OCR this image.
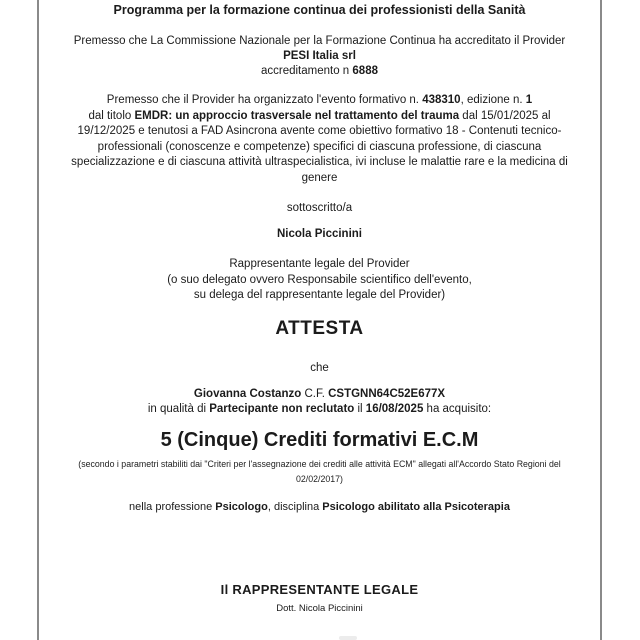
Programma per la formazione continua dei professionisti della Sanità
Premesso che La Commissione Nazionale per la Formazione Continua ha accreditato il Provider
PESI Italia srl
accreditamento n 6888
Premesso che il Provider ha organizzato l'evento formativo n. 438310, edizione n. 1
dal titolo EMDR: un approccio trasversale nel trattamento del trauma dal 15/01/2025 al
19/12/2025 e tenutosi a FAD Asincrona avente come obiettivo formativo 18 - Contenuti tecnico-
professionali (conoscenze e competenze) specifici di ciascuna professione, di ciascuna
specializzazione e di ciascuna attività ultraspecialistica, ivi incluse le malattie rare e la medicina di
genere
sottoscritto/a
Nicola Piccinini
Rappresentante legale del Provider
(o suo delegato ovvero Responsabile scientifico dell'evento,
su delega del rappresentante legale del Provider)
ATTESTA
che
Giovanna Costanzo C.F. CSTGNN64C52E677X
in qualità di Partecipante non reclutato il 16/08/2025 ha acquisito:
5 (Cinque) Crediti formativi E.C.M
(secondo i parametri stabiliti dai "Criteri per l'assegnazione dei crediti alle attività ECM" allegati all'Accordo Stato Regioni del
02/02/2017)
nella professione Psicologo, disciplina Psicologo abilitato alla Psicoterapia
Il RAPPRESENTANTE LEGALE
Dott. Nicola Piccinini
